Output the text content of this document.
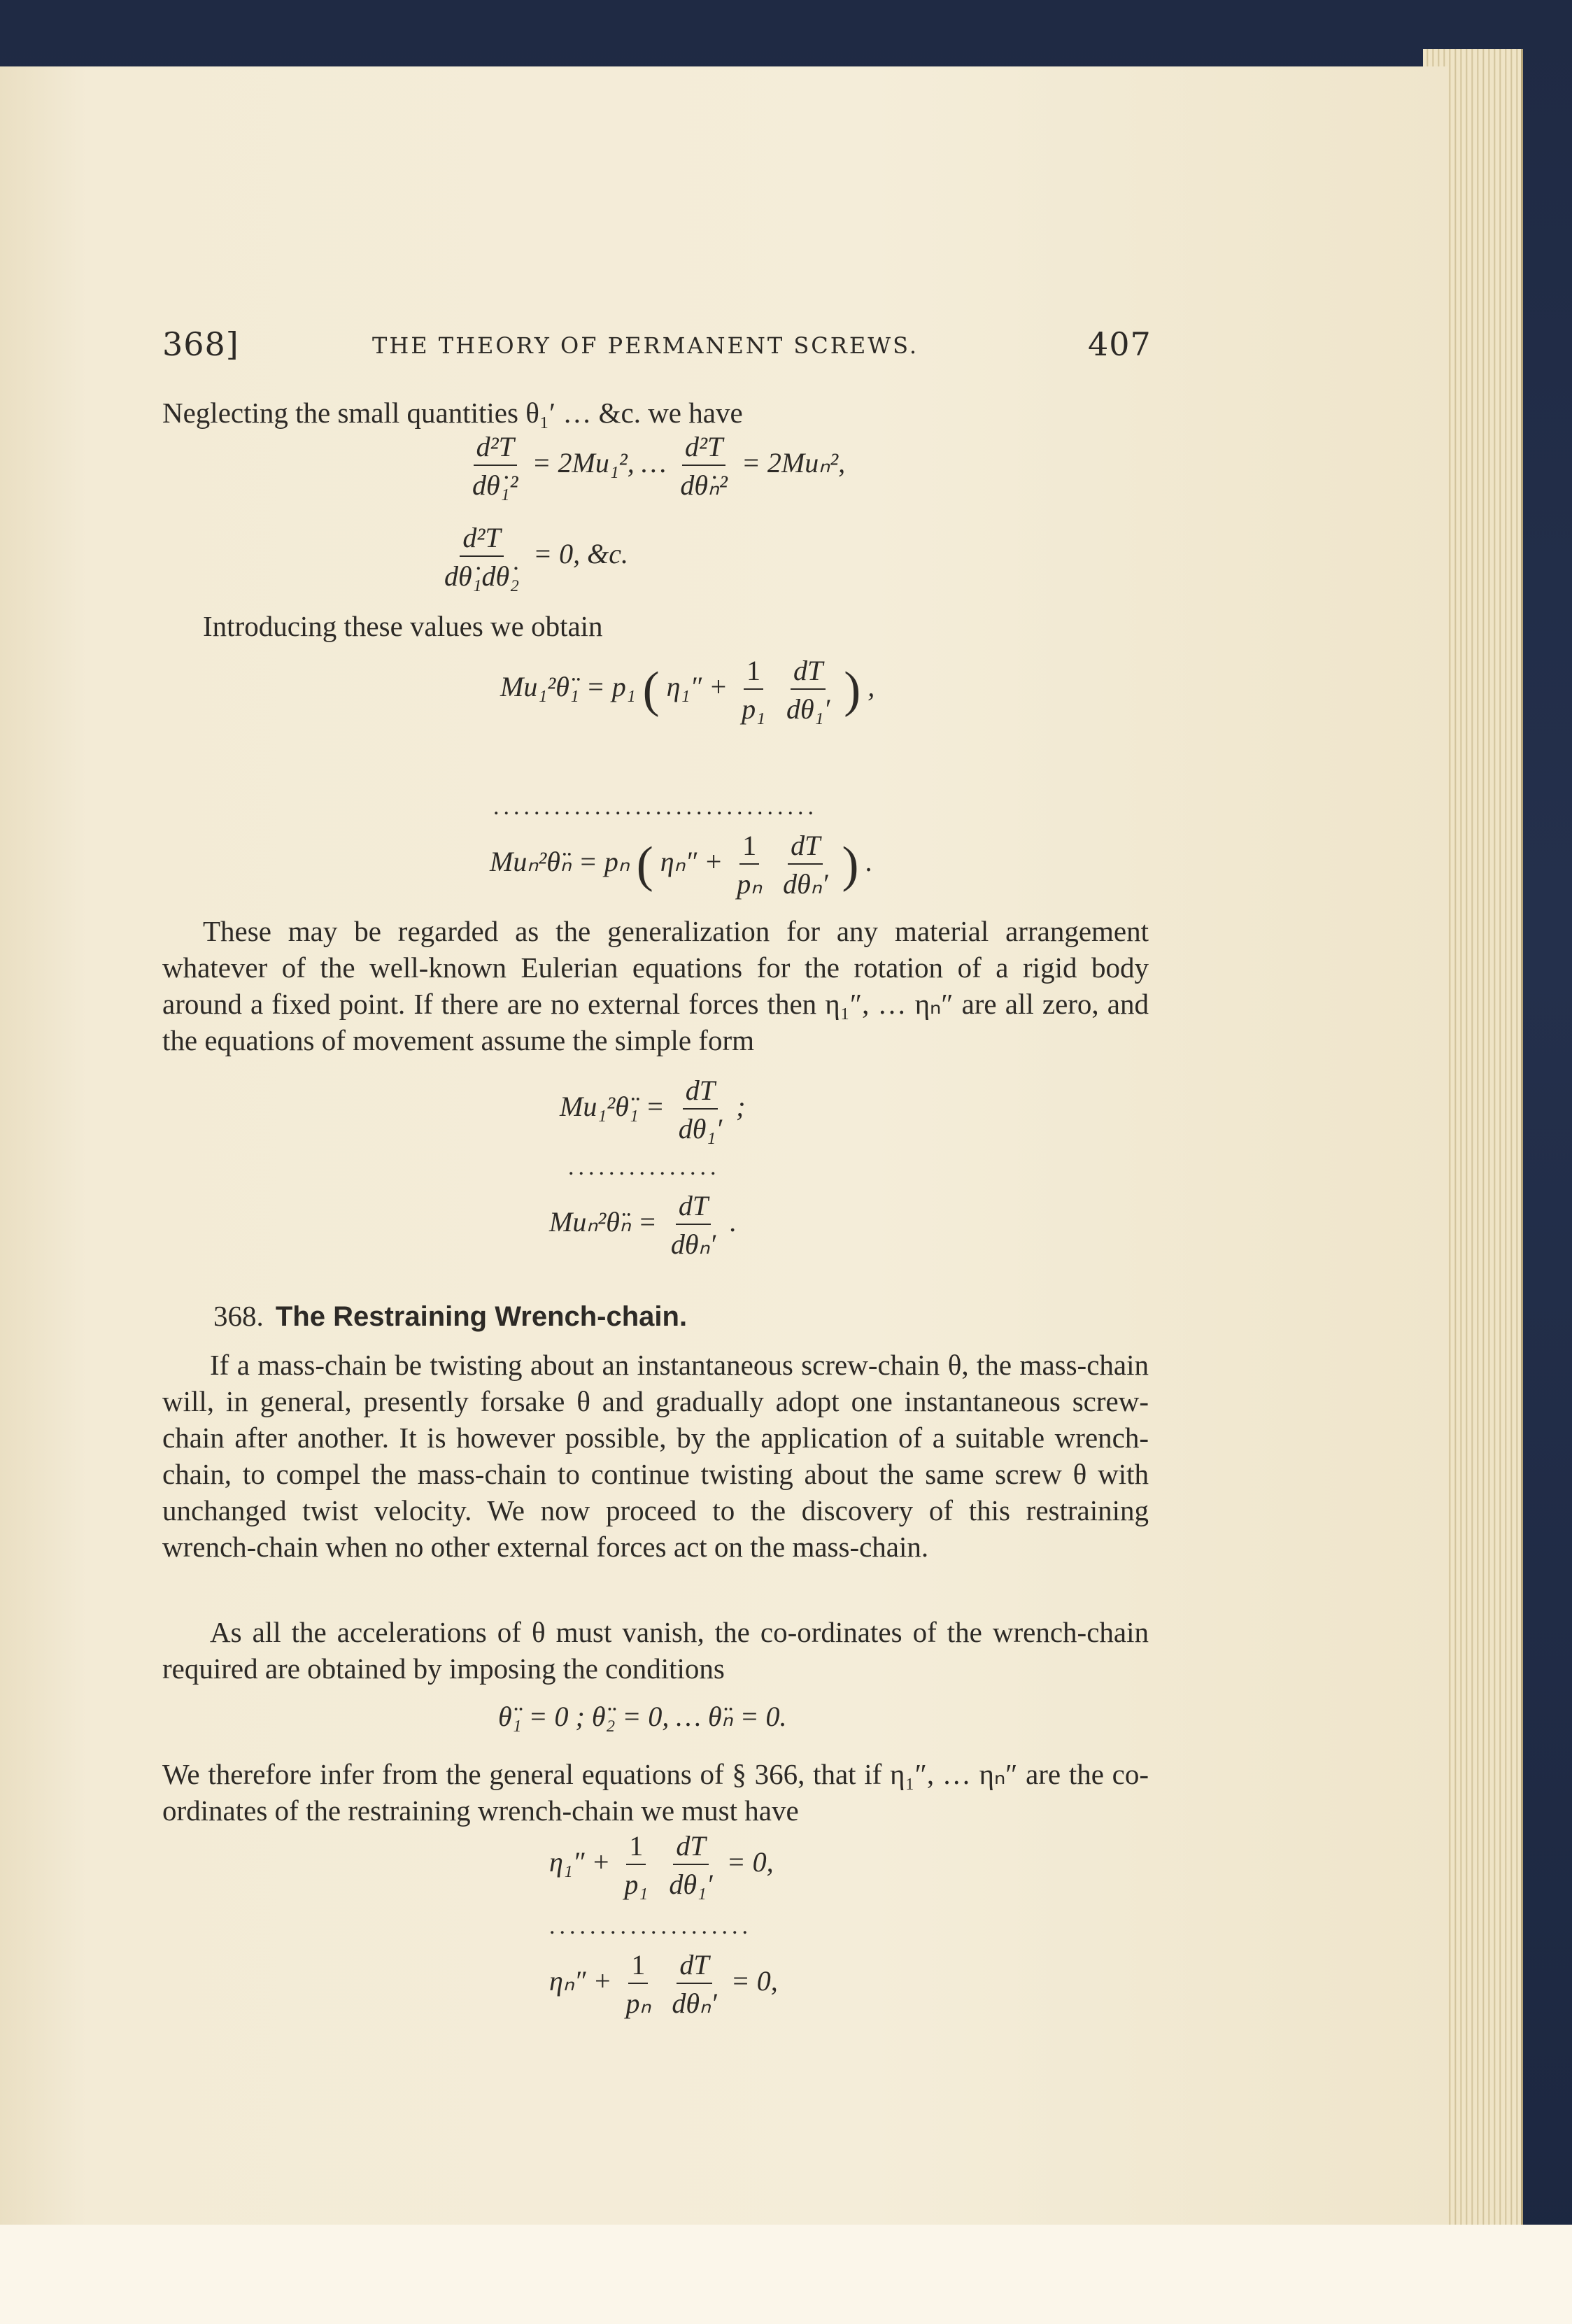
368]	THE THEORY OF PERMANENT SCREWS.	407
Neglecting the small quantities θ₁′ … &c. we have
$\frac{\text{d²T}}{\text{dθ̇₁²}} = 2Mu_1^2$, … $\frac{\text{d²T}}{\text{dθ̇ₙ²}} = 2Mu_n^2$,
$\frac{\text{d²T}}{\text{dθ̇₁dθ̇₂}} = 0$, &c.
Introducing these values we obtain
Mu₁²θ̈₁ = p₁ ( $\eta_1'' + \frac{1}{\text{p₁}}$
$\frac{dT}{\text{dθ₁′}}$ ) ,
................................
Muₙ²θ̈ₙ = pₙ ( $\eta_n'' + \frac{1}{\text{pₙ}}$
$\frac{dT}{\text{dθₙ′}}$ ) .
These may be regarded as the generalization for any material arrangement whatever of the well-known Eulerian equations for the rotation of a rigid body around a fixed point. If there are no external forces then η₁″, … ηₙ″ are all zero, and the equations of movement assume the simple form
Mu₁²θ̈₁ = $\frac{dT}{\text{dθ₁′}}$ ;
...............
Muₙ²θ̈ₙ = $\frac{dT}{\text{dθₙ′}}$ .
368. The Restraining Wrench-chain.
If a mass-chain be twisting about an instantaneous screw-chain θ, the mass-chain will, in general, presently forsake θ and gradually adopt one instantaneous screw-chain after another. It is however possible, by the application of a suitable wrench-chain, to compel the mass-chain to continue twisting about the same screw θ with unchanged twist velocity. We now proceed to the discovery of this restraining wrench-chain when no other external forces act on the mass-chain.
As all the accelerations of θ must vanish, the co-ordinates of the wrench-chain required are obtained by imposing the conditions
θ̈₁ = 0 ; θ̈₂ = 0, … θ̈ₙ = 0.
We therefore infer from the general equations of § 366, that if η₁″, … ηₙ″ are the co-ordinates of the restraining wrench-chain we must have
$\eta_1'' + \frac{1}{\text{p₁}}$
$\frac{dT}{\text{dθ₁′}} = 0$,
....................
$\eta_n'' + \frac{1}{\text{pₙ}}$
$\frac{dT}{\text{dθₙ′}} = 0$,
